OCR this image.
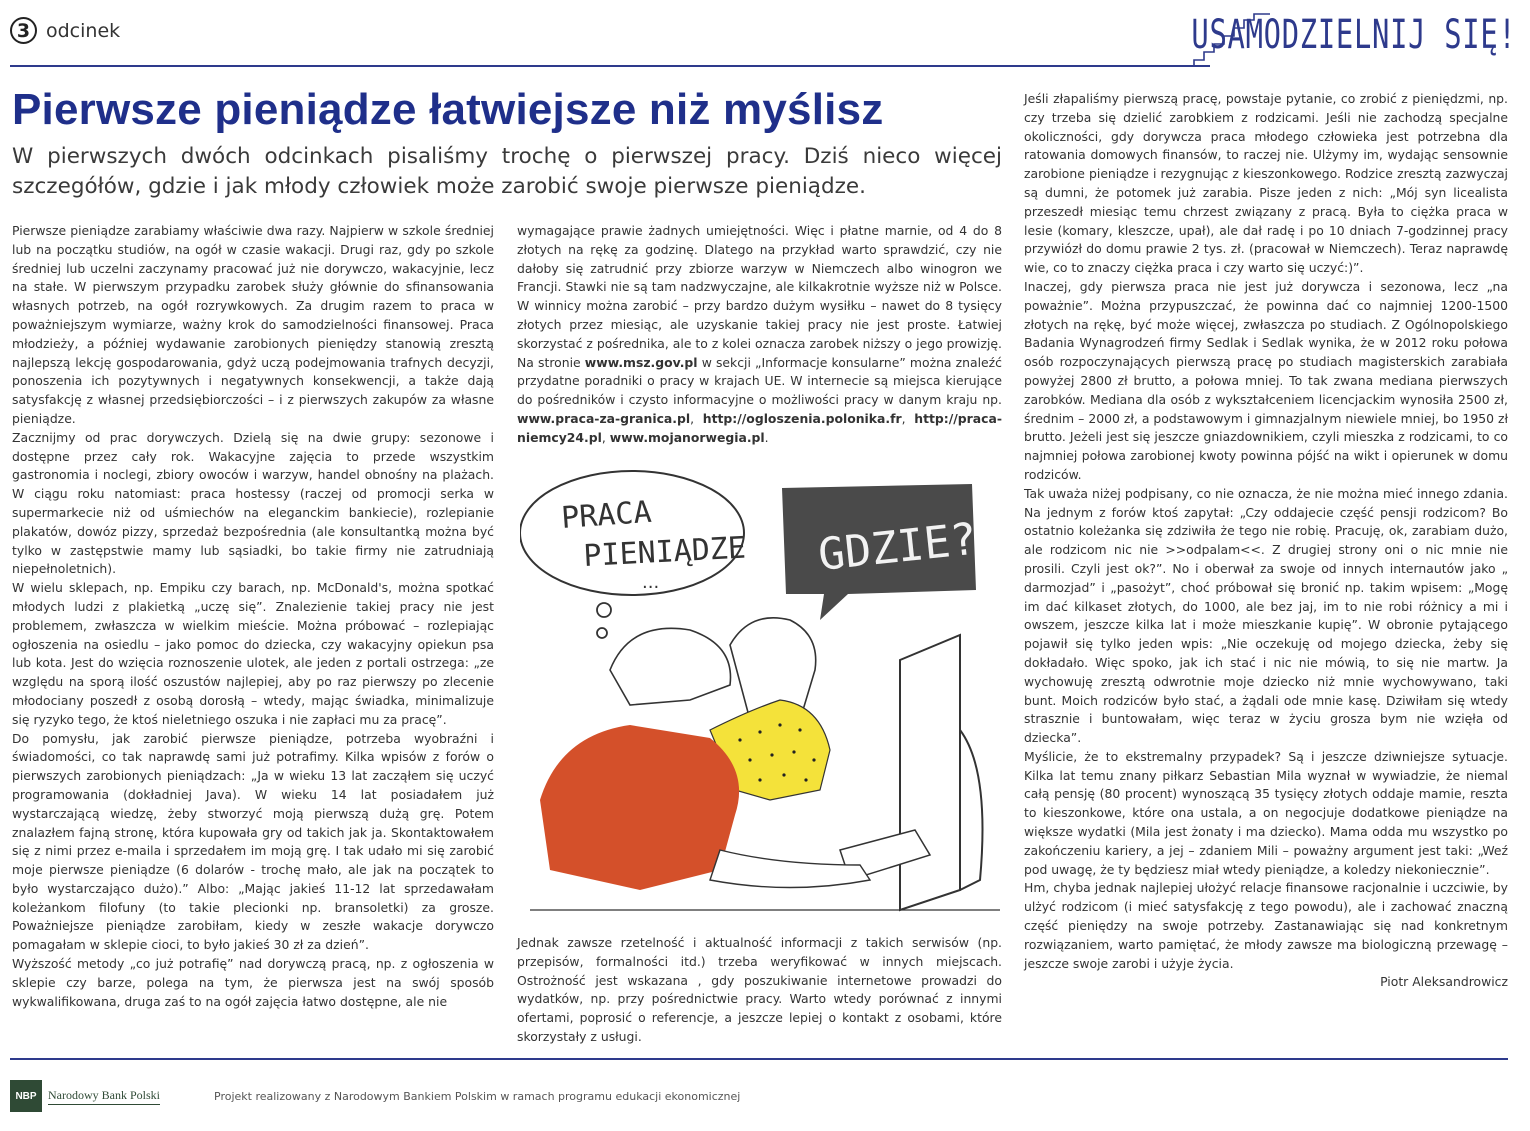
3 odcinek	USAMODZIELNIJ SIĘ!
Pierwsze pieniądze łatwiejsze niż myślisz

W pierwszych dwóch odcinkach pisaliśmy trochę o pierwszej pracy. Dziś nieco więcej szczegółów, gdzie i jak młody człowiek może zarobić swoje pierwsze pieniądze.

Pierwsze pieniądze zarabiamy właściwie dwa razy. Najpierw w szkole średniej lub na początku studiów, na ogół w czasie wakacji. Drugi raz, gdy po szkole średniej lub uczelni zaczynamy pracować już nie dorywczo, wakacyjnie, lecz na stałe. W pierwszym przypadku zarobek służy głównie do sfinansowania własnych potrzeb, na ogół rozrywkowych. Za drugim razem to praca w poważniejszym wymiarze, ważny krok do samodzielności finansowej. Praca młodzieży, a później wydawanie zarobionych pieniędzy stanowią zresztą najlepszą lekcję gospodarowania, gdyż uczą podejmowania trafnych decyzji, ponoszenia ich pozytywnych i negatywnych konsekwencji, a także dają satysfakcję z własnej przedsiębiorczości – i z pierwszych zakupów za własne pieniądze.

Zacznijmy od prac dorywczych. Dzielą się na dwie grupy: sezonowe i dostępne przez cały rok. Wakacyjne zajęcia to przede wszystkim gastronomia i noclegi, zbiory owoców i warzyw, handel obnośny na plażach. W ciągu roku natomiast: praca hostessy (raczej od promocji serka w supermarkecie niż od uśmiechów na eleganckim bankiecie), rozlepianie plakatów, dowóz pizzy, sprzedaż bezpośrednia (ale konsultantką można być tylko w zastępstwie mamy lub sąsiadki, bo takie firmy nie zatrudniają niepełnoletnich).

W wielu sklepach, np. Empiku czy barach, np. McDonald's, można spotkać młodych ludzi z plakietką „uczę się”. Znalezienie takiej pracy nie jest problemem, zwłaszcza w wielkim mieście. Można próbować – rozlepiając ogłoszenia na osiedlu – jako pomoc do dziecka, czy wakacyjny opiekun psa lub kota. Jest do wzięcia roznoszenie ulotek, ale jeden z portali ostrzega: „ze względu na sporą ilość oszustów najlepiej, aby po raz pierwszy po zlecenie młodociany poszedł z osobą dorosłą – wtedy, mając świadka, minimalizuje się ryzyko tego, że ktoś nieletniego oszuka i nie zapłaci mu za pracę”.

Do pomysłu, jak zarobić pierwsze pieniądze, potrzeba wyobraźni i świadomości, co tak naprawdę sami już potrafimy. Kilka wpisów z forów o pierwszych zarobionych pieniądzach: „Ja w wieku 13 lat zacząłem się uczyć programowania (dokładniej Java). W wieku 14 lat posiadałem już wystarczającą wiedzę, żeby stworzyć moją pierwszą dużą grę. Potem znalazłem fajną stronę, która kupowała gry od takich jak ja. Skontaktowałem się z nimi przez e-maila i sprzedałem im moją grę. I tak udało mi się zarobić moje pierwsze pieniądze (6 dolarów - trochę mało, ale jak na początek to było wystarczająco dużo).” Albo: „Mając jakieś 11-12 lat sprzedawałam koleżankom filofuny (to takie plecionki np. bransoletki) za grosze. Poważniejsze pieniądze zarobiłam, kiedy w zeszłe wakacje dorywczo pomagałam w sklepie cioci, to było jakieś 30 zł za dzień”.

Wyższość metody „co już potrafię” nad dorywczą pracą, np. z ogłoszenia w sklepie czy barze, polega na tym, że pierwsza jest na swój sposób wykwalifikowana, druga zaś to na ogół zajęcia łatwo dostępne, ale nie

wymagające prawie żadnych umiejętności. Więc i płatne marnie, od 4 do 8 złotych na rękę za godzinę. Dlatego na przykład warto sprawdzić, czy nie dałoby się zatrudnić przy zbiorze warzyw w Niemczech albo winogron we Francji. Stawki nie są tam nadzwyczajne, ale kilkakrotnie wyższe niż w Polsce. W winnicy można zarobić – przy bardzo dużym wysiłku – nawet do 8 tysięcy złotych przez miesiąc, ale uzyskanie takiej pracy nie jest proste. Łatwiej skorzystać z pośrednika, ale to z kolei oznacza zarobek niższy o jego prowizję. Na stronie www.msz.gov.pl w sekcji „Informacje konsularne” można znaleźć przydatne poradniki o pracy w krajach UE. W internecie są miejsca kierujące do pośredników i czysto informacyjne o możliwości pracy w danym kraju np. www.praca-za-granica.pl, http://ogloszenia.polonika.fr, http://praca-niemcy24.pl, www.mojanorwegia.pl.

PRACA
PIENIĄDZE
...
GDZIE?

Jednak zawsze rzetelność i aktualność informacji z takich serwisów (np. przepisów, formalności itd.) trzeba weryfikować w innych miejscach. Ostrożność jest wskazana , gdy poszukiwanie internetowe prowadzi do wydatków, np. przy pośrednictwie pracy. Warto wtedy porównać z innymi ofertami, poprosić o referencje, a jeszcze lepiej o kontakt z osobami, które skorzystały z usługi.

Jeśli złapaliśmy pierwszą pracę, powstaje pytanie, co zrobić z pieniędzmi, np. czy trzeba się dzielić zarobkiem z rodzicami. Jeśli nie zachodzą specjalne okoliczności, gdy dorywcza praca młodego człowieka jest potrzebna dla ratowania domowych finansów, to raczej nie. Ulżymy im, wydając sensownie zarobione pieniądze i rezygnując z kieszonkowego. Rodzice zresztą zazwyczaj są dumni, że potomek już zarabia. Pisze jeden z nich: „Mój syn licealista przeszedł miesiąc temu chrzest związany z pracą. Była to ciężka praca w lesie (komary, kleszcze, upał), ale dał radę i po 10 dniach 7-godzinnej pracy przywiózł do domu prawie 2 tys. zł. (pracował w Niemczech). Teraz naprawdę wie, co to znaczy ciężka praca i czy warto się uczyć:)”.

Inaczej, gdy pierwsza praca nie jest już dorywcza i sezonowa, lecz „na poważnie”. Można przypuszczać, że powinna dać co najmniej 1200-1500 złotych na rękę, być może więcej, zwłaszcza po studiach. Z Ogólnopolskiego Badania Wynagrodzeń firmy Sedlak i Sedlak wynika, że w 2012 roku połowa osób rozpoczynających pierwszą pracę po studiach magisterskich zarabiała powyżej 2800 zł brutto, a połowa mniej. To tak zwana mediana pierwszych zarobków. Mediana dla osób z wykształceniem licencjackim wynosiła 2500 zł, średnim – 2000 zł, a podstawowym i gimnazjalnym niewiele mniej, bo 1950 zł brutto. Jeżeli jest się jeszcze gniazdownikiem, czyli mieszka z rodzicami, to co najmniej połowa zarobionej kwoty powinna pójść na wikt i opierunek w domu rodziców.

Tak uważa niżej podpisany, co nie oznacza, że nie można mieć innego zdania. Na jednym z forów ktoś zapytał: „Czy oddajecie część pensji rodzicom? Bo ostatnio koleżanka się zdziwiła że tego nie robię. Pracuję, ok, zarabiam dużo, ale rodzicom nic nie >>odpalam<<. Z drugiej strony oni o nic mnie nie prosili. Czyli jest ok?”. No i oberwał za swoje od innych internautów jako „ darmozjad” i „pasożyt”, choć próbował się bronić np. takim wpisem: „Mogę im dać kilkaset złotych, do 1000, ale bez jaj, im to nie robi różnicy a mi i owszem, jeszcze kilka lat i może mieszkanie kupię”. W obronie pytającego pojawił się tylko jeden wpis: „Nie oczekuję od mojego dziecka, żeby się dokładało. Więc spoko, jak ich stać i nic nie mówią, to się nie martw. Ja wychowuję zresztą odwrotnie moje dziecko niż mnie wychowywano, taki bunt. Moich rodziców było stać, a żądali ode mnie kasę. Dziwiłam się wtedy strasznie i buntowałam, więc teraz w życiu grosza bym nie wzięła od dziecka”.

Myślicie, że to ekstremalny przypadek? Są i jeszcze dziwniejsze sytuacje. Kilka lat temu znany piłkarz Sebastian Mila wyznał w wywiadzie, że niemal całą pensję (80 procent) wynoszącą 35 tysięcy złotych oddaje mamie, reszta to kieszonkowe, które ona ustala, a on negocjuje dodatkowe pieniądze na większe wydatki (Mila jest żonaty i ma dziecko). Mama odda mu wszystko po zakończeniu kariery, a jej – zdaniem Mili – poważny argument jest taki: „Weź pod uwagę, że ty będziesz miał wtedy pieniądze, a koledzy niekoniecznie”.

Hm, chyba jednak najlepiej ułożyć relacje finansowe racjonalnie i uczciwie, by ulżyć rodzicom (i mieć satysfakcję z tego powodu), ale i zachować znaczną część pieniędzy na swoje potrzeby. Zastanawiając się nad konkretnym rozwiązaniem, warto pamiętać, że młody zawsze ma biologiczną przewagę – jeszcze swoje zarobi i użyje życia.

Piotr Aleksandrowicz

NBP Narodowy Bank Polski	Projekt realizowany z Narodowym Bankiem Polskim w ramach programu edukacji ekonomicznej
